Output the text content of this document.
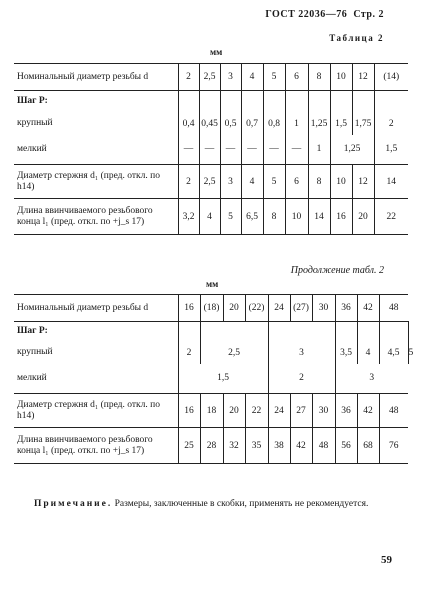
ГОСТ 22036—76 Стр. 2
Таблица 2
мм
Номинальный диаметр резьбы d	2	2,5	3	4	5	6	8	10	12	(14)
Шаг P:										
крупный	0,4	0,45	0,5	0,7	0,8	1	1,25	1,5	1,75	2
мелкий	—	—	—	—	—	—	1	1,25		1,5
Диаметр стержня d₁ (пред. откл. по h14)	2	2,5	3	4	5	6	8	10	12	14
Длина ввинчиваемого резьбового конца l₁ (пред. откл. по +j_s 17)	3,2	4	5	6,5	8	10	14	16	20	22
Продолжение табл. 2
мм
Номинальный диаметр резьбы d	16	(18)	20	(22)	24	(27)	30	36	42	48	
Шаг P:											
крупный	2	2,5			3			3,5	4	4,5	5
мелкий	1,5				2			3			
Диаметр стержня d₁ (пред. откл. по h14)	16	18	20	22	24	27	30	36	42	48	
Длина ввинчиваемого резьбового конца l₁ (пред. откл. по +j_s 17)	25	28	32	35	38	42	48	56	68	76	
Примечание. Размеры, заключенные в скобки, применять не рекомендуется.
59
